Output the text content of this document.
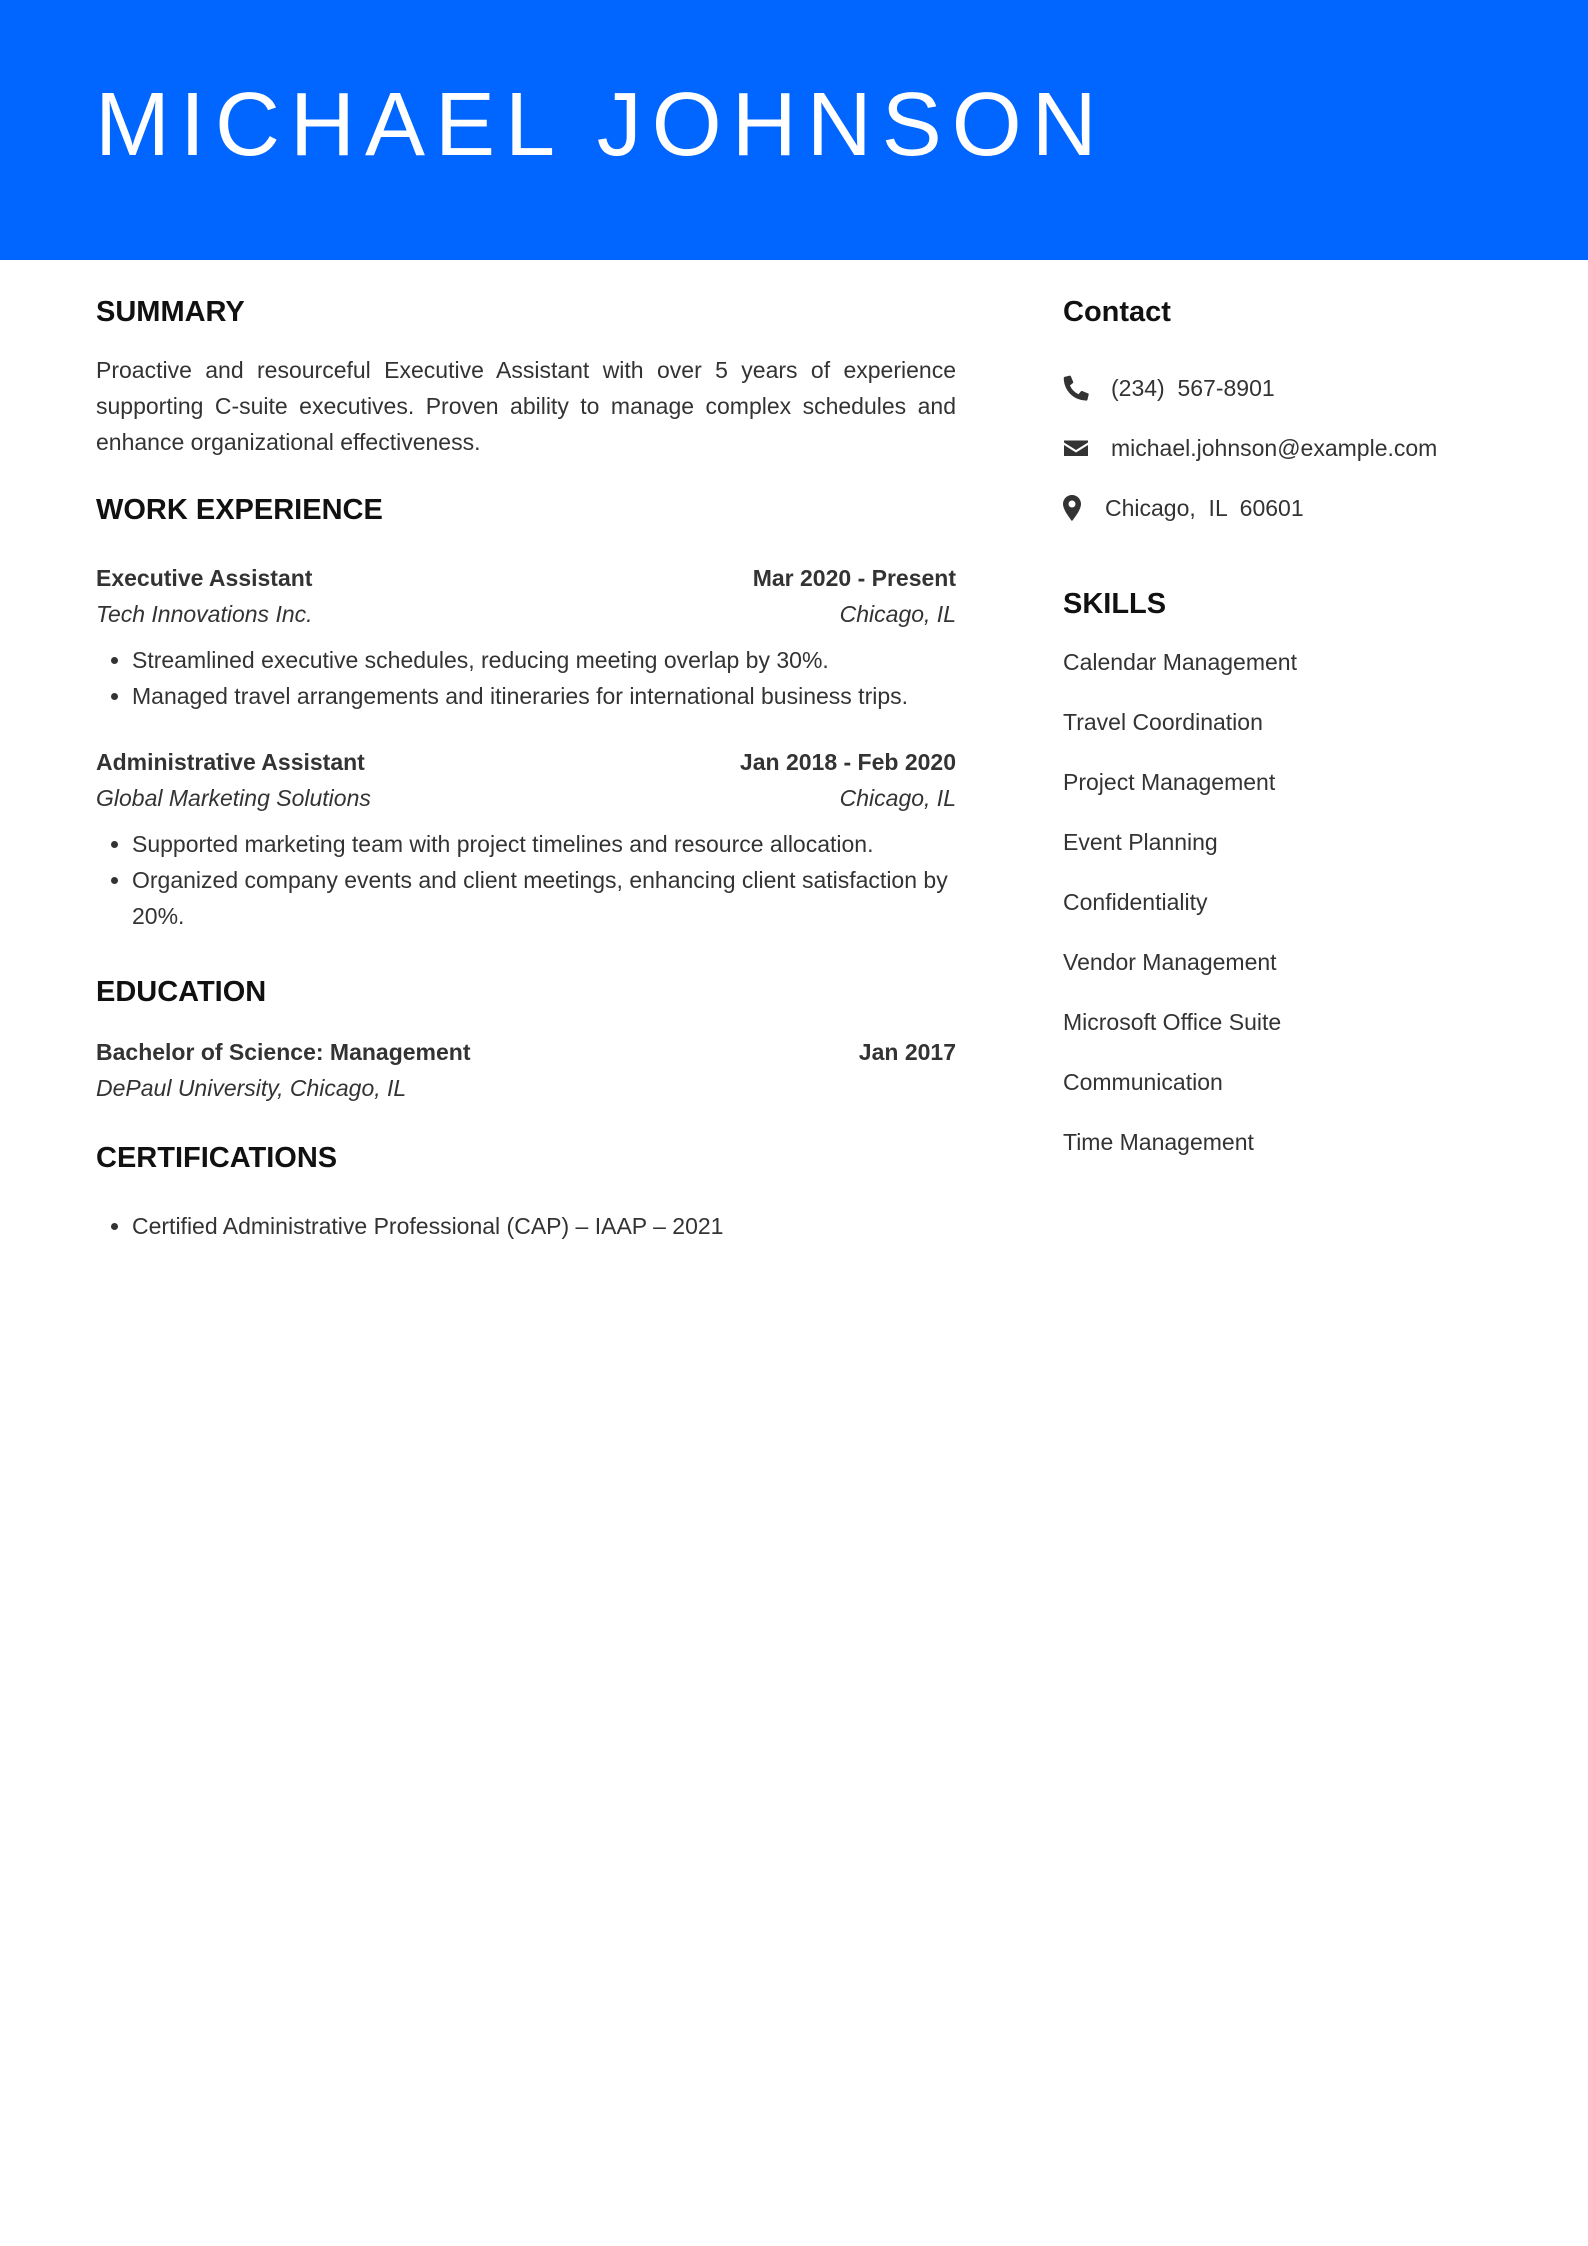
MICHAEL JOHNSON
SUMMARY

Proactive and resourceful Executive Assistant with over 5 years of experience supporting C-suite executives. Proven ability to manage complex schedules and enhance organizational effectiveness.

WORK EXPERIENCE
Executive Assistant	Mar 2020 - Present
Tech Innovations Inc.	Chicago, IL
• Streamlined executive schedules, reducing meeting overlap by 30%.
• Managed travel arrangements and itineraries for international business trips.
Administrative Assistant	Jan 2018 - Feb 2020
Global Marketing Solutions	Chicago, IL
• Supported marketing team with project timelines and resource allocation.
• Organized company events and client meetings, enhancing client satisfaction by 20%.
EDUCATION
Bachelor of Science: Management	Jan 2017
DePaul University, Chicago, IL
CERTIFICATIONS
• Certified Administrative Professional (CAP) – IAAP – 2021
Contact
(234)  567-8901
michael.johnson@example.com
Chicago,  IL  60601
SKILLS
Calendar Management
Travel Coordination
Project Management
Event Planning
Confidentiality
Vendor Management
Microsoft Office Suite
Communication
Time Management
